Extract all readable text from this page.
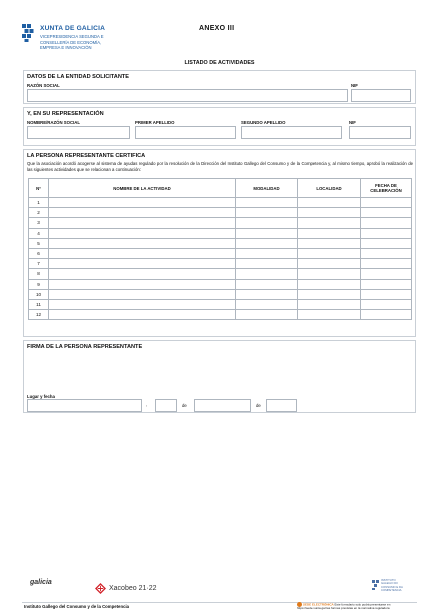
XUNTA DE GALICIA
VICEPRESIDENCIA SEGUNDA E
CONSELLERÍA DE ECONOMÍA,
EMPRESA E INNOVACIÓN
ANEXO III
LISTADO DE ACTIVIDADES
DATOS DE LA ENTIDAD SOLICITANTE
RAZÓN SOCIAL	NIF
Y, EN SU REPRESENTACIÓN
NOMBRE/RAZÓN SOCIAL	PRIMER APELLIDO	SEGUNDO APELLIDO	NIF
LA PERSONA REPRESENTANTE CERTIFICA
Que la asociación acordó acogerse al sistema de ayudas regulado por la resolución de la Dirección del Instituto Gallego del Consumo y de la Competencia y, al mismo tiempo, aprobó la realización de las siguientes actividades que se relacionan a continuación:
Nº	NOMBRE DE LA ACTIVIDAD	MODALIDAD	LOCALIDAD	FECHA DE
CELEBRACIÓN
1				
2				
3				
4				
5				
6				
7				
8				
9				
10				
11				
12				
FIRMA DE LA PERSONA REPRESENTANTE
Lugar y fecha
,	de	de
galicia
Xacobeo 21·22
INSTITUTO
GALEGO DO
CONSUMO E DA
COMPETENCIA
Instituto Gallego del Consumo y de la Competencia	SEDE ELECTRÓNICA Este formulario solo podrá presentarse en
https://sede.xunta.gal las formas previstas en la normativa reguladora
